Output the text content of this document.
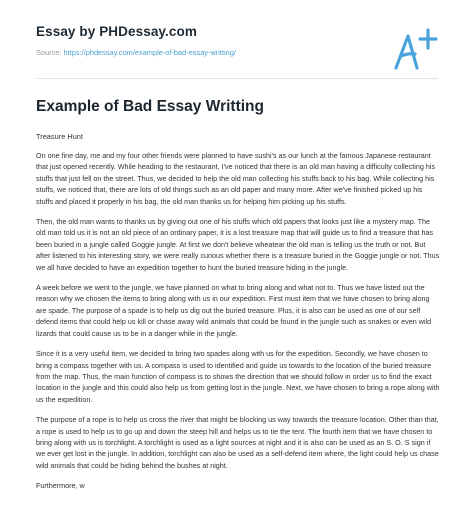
Essay by PHDessay.com
Source: https://phdessay.com/example-of-bad-essay-writting/
Example of Bad Essay Writting
Treasure Hunt

On one fine day, me and my four other friends were planned to have sushi's as our lunch at the famous Japanese restaurant that just opened recently. While heading to the restaurant, I've noticed that there is an old man having a difficulty collecting his stuffs that just fell on the street. Thus, we decided to help the old man collecting his stuffs back to his bag. While collecting his stuffs, we noticed that, there are lots of old things such as an old paper and many more. After we've finished picked up his stuffs and placed it properly in his bag, the old man thanks us for helping him picking up his stuffs.

Then, the old man wants to thanks us by giving out one of his stuffs which old papers that looks just like a mystery map. The old man told us it is not an old piece of an ordinary paper, it is a lost treasure map that will guide us to find a treasure that has been buried in a jungle called Goggie jungle. At first we don't believe wheatear the old man is telling us the truth or not. But after listened to his interesting story, we were really curious whether there is a treasure buried in the Goggie jungle or not. Thus we all have decided to have an expedition together to hunt the buried treasure hiding in the jungle.

A week before we went to the jungle, we have planned on what to bring along and what not to. Thus we have listed out the reason why we chosen the items to bring along with us in our expedition. First must item that we have chosen to bring along are spade. The purpose of a spade is to help us dig out the buried treasure. Plus, it is also can be used as one of our self defend items that could help us kill or chase away wild animals that could be found in the jungle such as snakes or even wild lizards that could cause us to be in a danger while in the jungle.

Since it is a very useful item, we decided to bring two spades along with us for the expedition. Secondly, we have chosen to bring a compass together with us. A compass is used to identified and guide us towards to the location of the buried treasure from the map. Thus, the main function of compass is to shows the direction that we should follow in order us to find the exact location in the jungle and this could also help us from getting lost in the jungle. Next, we have chosen to bring a rope along with us the expedition.

The purpose of a rope is to help us cross the river that might be blocking us way towards the treasure location. Other than that, a rope is used to help us to go up and down the steep hill and helps us to tie the tent. The fourth item that we have chosen to bring along with us is torchlight. A torchlight is used as a light sources at night and it is also can be used as an S. O. S sign if we ever get lost in the jungle. In addition, torchlight can also be used as a self-defend item where, the light could help us chase wild animals that could be hiding behind the bushes at night.

Furthermore, w
